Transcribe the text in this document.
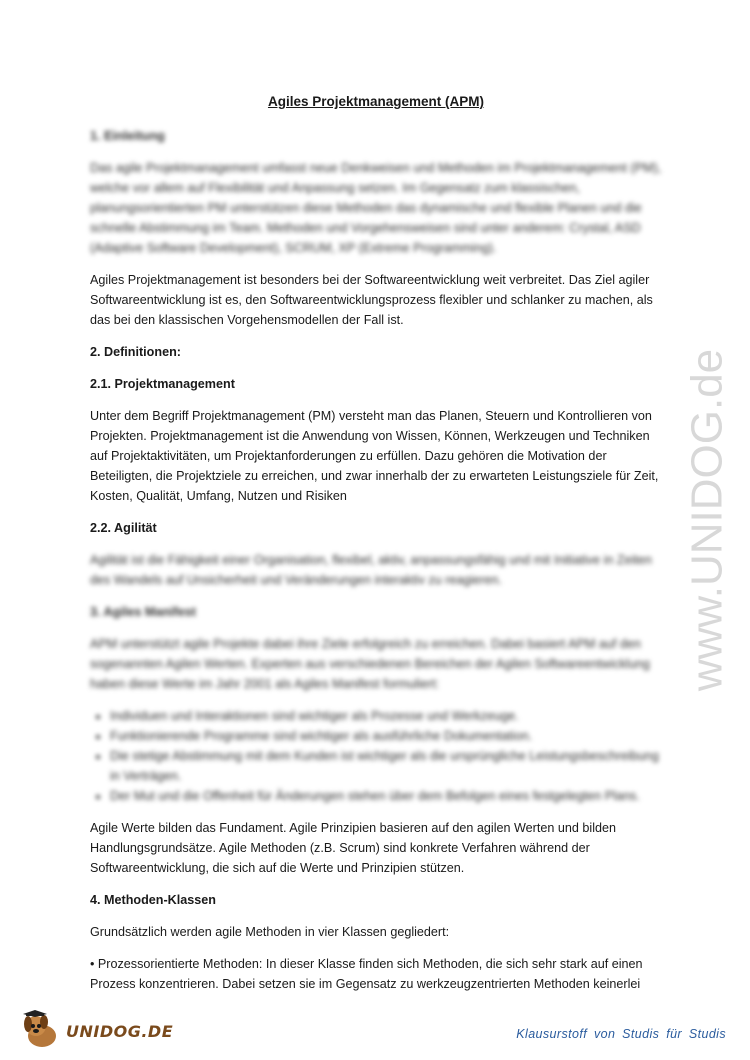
Agiles Projektmanagement (APM)
1. Einleitung
Das agile Projektmanagement umfasst neue Denkweisen und Methoden im Projektmanagement (PM), welche vor allem auf Flexibilität und Anpassung setzen. Im Gegensatz zum klassischen, planungsorientierten PM unterstützen diese Methoden das dynamische und flexible Planen und die schnelle Abstimmung im Team. Methoden und Vorgehensweisen sind unter anderem: Crystal, ASD (Adaptive Software Development), SCRUM, XP (Extreme Programming).
Agiles Projektmanagement ist besonders bei der Softwareentwicklung weit verbreitet. Das Ziel agiler Softwareentwicklung ist es, den Softwareentwicklungsprozess flexibler und schlanker zu machen, als das bei den klassischen Vorgehensmodellen der Fall ist.
2. Definitionen:
2.1. Projektmanagement
Unter dem Begriff Projektmanagement (PM) versteht man das Planen, Steuern und Kontrollieren von Projekten. Projektmanagement ist die Anwendung von Wissen, Können, Werkzeugen und Techniken auf Projektaktivitäten, um Projektanforderungen zu erfüllen. Dazu gehören die Motivation der Beteiligten, die Projektziele zu erreichen, und zwar innerhalb der zu erwarteten Leistungsziele für Zeit, Kosten, Qualität, Umfang, Nutzen und Risiken
2.2. Agilität
Agilität ist die Fähigkeit einer Organisation, flexibel, aktiv, anpassungsfähig und mit Initiative in Zeiten des Wandels auf Unsicherheit und Veränderungen interaktiv zu reagieren.
3. Agiles Manifest
APM unterstützt agile Projekte dabei ihre Ziele erfolgreich zu erreichen. Dabei basiert APM auf den sogenannten Agilen Werten. Experten aus verschiedenen Bereichen der Agilen Softwareentwicklung haben diese Werte im Jahr 2001 als Agiles Manifest formuliert:
• Individuen und Interaktionen sind wichtiger als Prozesse und Werkzeuge.
• Funktionierende Programme sind wichtiger als ausführliche Dokumentation.
• Die stetige Abstimmung mit dem Kunden ist wichtiger als die ursprüngliche Leistungsbeschreibung in Verträgen.
• Der Mut und die Offenheit für Änderungen stehen über dem Befolgen eines festgelegten Plans.
Agile Werte bilden das Fundament. Agile Prinzipien basieren auf den agilen Werten und bilden Handlungsgrundsätze. Agile Methoden (z.B. Scrum) sind konkrete Verfahren während der Softwareentwicklung, die sich auf die Werte und Prinzipien stützen.
4. Methoden-Klassen
Grundsätzlich werden agile Methoden in vier Klassen gegliedert:
• Prozessorientierte Methoden: In dieser Klasse finden sich Methoden, die sich sehr stark auf einen Prozess konzentrieren. Dabei setzen sie im Gegensatz zu werkzeugzentrierten Methoden keinerlei
www.UNIDOG.de
UNIDOG.DE	Klausurstoff von Studis für Studis
